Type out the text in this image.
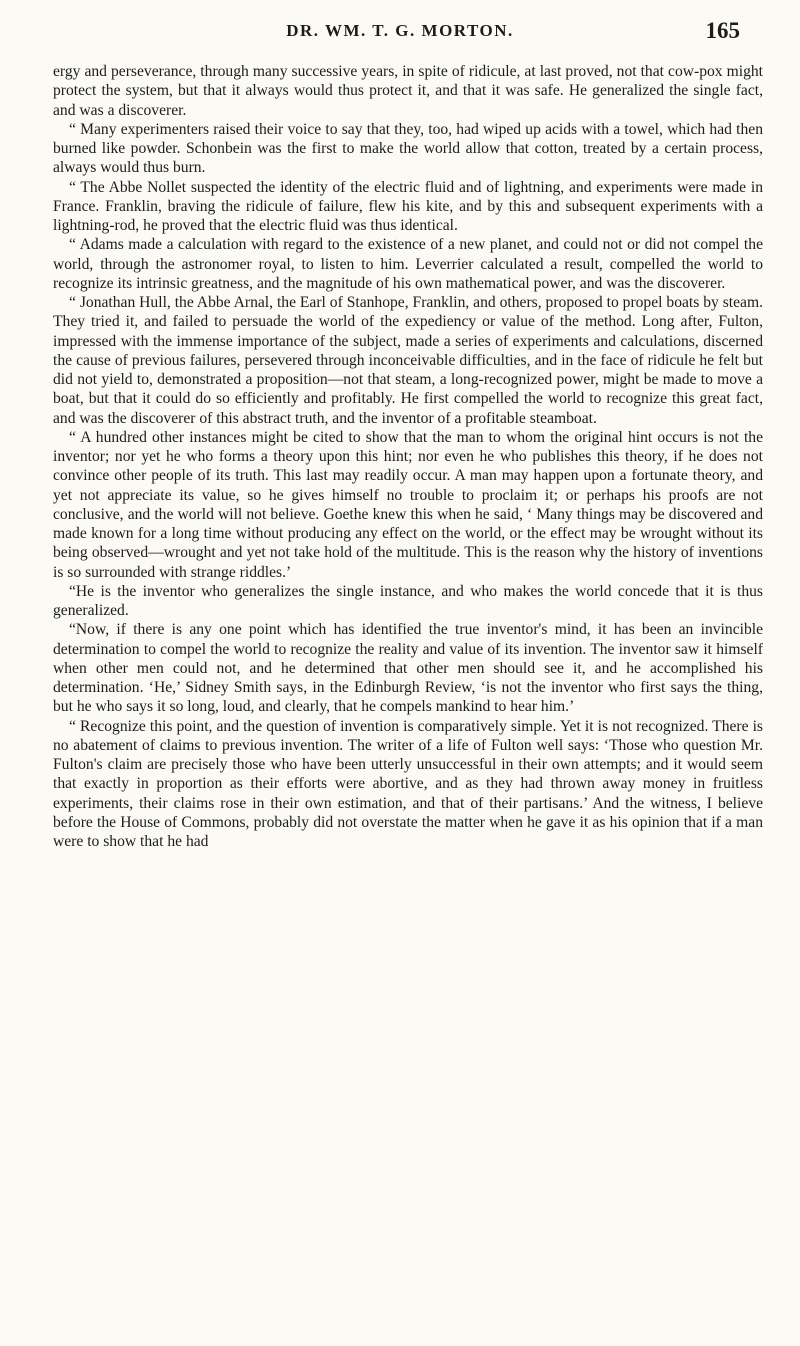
DR. WM. T. G. MORTON.	165

ergy and perseverance, through many successive years, in spite of ridicule, at last proved, not that cow-pox might protect the system, but that it always would thus protect it, and that it was safe. He generalized the single fact, and was a discoverer.

“ Many experimenters raised their voice to say that they, too, had wiped up acids with a towel, which had then burned like powder. Schonbein was the first to make the world allow that cotton, treated by a certain process, always would thus burn.

“ The Abbe Nollet suspected the identity of the electric fluid and of lightning, and experiments were made in France. Franklin, braving the ridicule of failure, flew his kite, and by this and subsequent experiments with a lightning-rod, he proved that the electric fluid was thus identical.

“ Adams made a calculation with regard to the existence of a new planet, and could not or did not compel the world, through the astronomer royal, to listen to him. Leverrier calculated a result, compelled the world to recognize its intrinsic greatness, and the magnitude of his own mathematical power, and was the discoverer.

“ Jonathan Hull, the Abbe Arnal, the Earl of Stanhope, Franklin, and others, proposed to propel boats by steam. They tried it, and failed to persuade the world of the expediency or value of the method. Long after, Fulton, impressed with the immense importance of the subject, made a series of experiments and calculations, discerned the cause of previous failures, persevered through inconceivable difficulties, and in the face of ridicule he felt but did not yield to, demonstrated a proposition—not that steam, a long-recognized power, might be made to move a boat, but that it could do so efficiently and profitably. He first compelled the world to recognize this great fact, and was the discoverer of this abstract truth, and the inventor of a profitable steamboat.

“ A hundred other instances might be cited to show that the man to whom the original hint occurs is not the inventor; nor yet he who forms a theory upon this hint; nor even he who publishes this theory, if he does not convince other people of its truth. This last may readily occur. A man may happen upon a fortunate theory, and yet not appreciate its value, so he gives himself no trouble to proclaim it; or perhaps his proofs are not conclusive, and the world will not believe. Goethe knew this when he said, ‘ Many things may be discovered and made known for a long time without producing any effect on the world, or the effect may be wrought without its being observed—wrought and yet not take hold of the multitude. This is the reason why the history of inventions is so surrounded with strange riddles.’

“He is the inventor who generalizes the single instance, and who makes the world concede that it is thus generalized.

“Now, if there is any one point which has identified the true inventor's mind, it has been an invincible determination to compel the world to recognize the reality and value of its invention. The inventor saw it himself when other men could not, and he determined that other men should see it, and he accomplished his determination. ‘He,’ Sidney Smith says, in the Edinburgh Review, ‘is not the inventor who first says the thing, but he who says it so long, loud, and clearly, that he compels mankind to hear him.’

“ Recognize this point, and the question of invention is comparatively simple. Yet it is not recognized. There is no abatement of claims to previous invention. The writer of a life of Fulton well says: ‘Those who question Mr. Fulton's claim are precisely those who have been utterly unsuccessful in their own attempts; and it would seem that exactly in proportion as their efforts were abortive, and as they had thrown away money in fruitless experiments, their claims rose in their own estimation, and that of their partisans.’ And the witness, I believe before the House of Commons, probably did not overstate the matter when he gave it as his opinion that if a man were to show that he had
